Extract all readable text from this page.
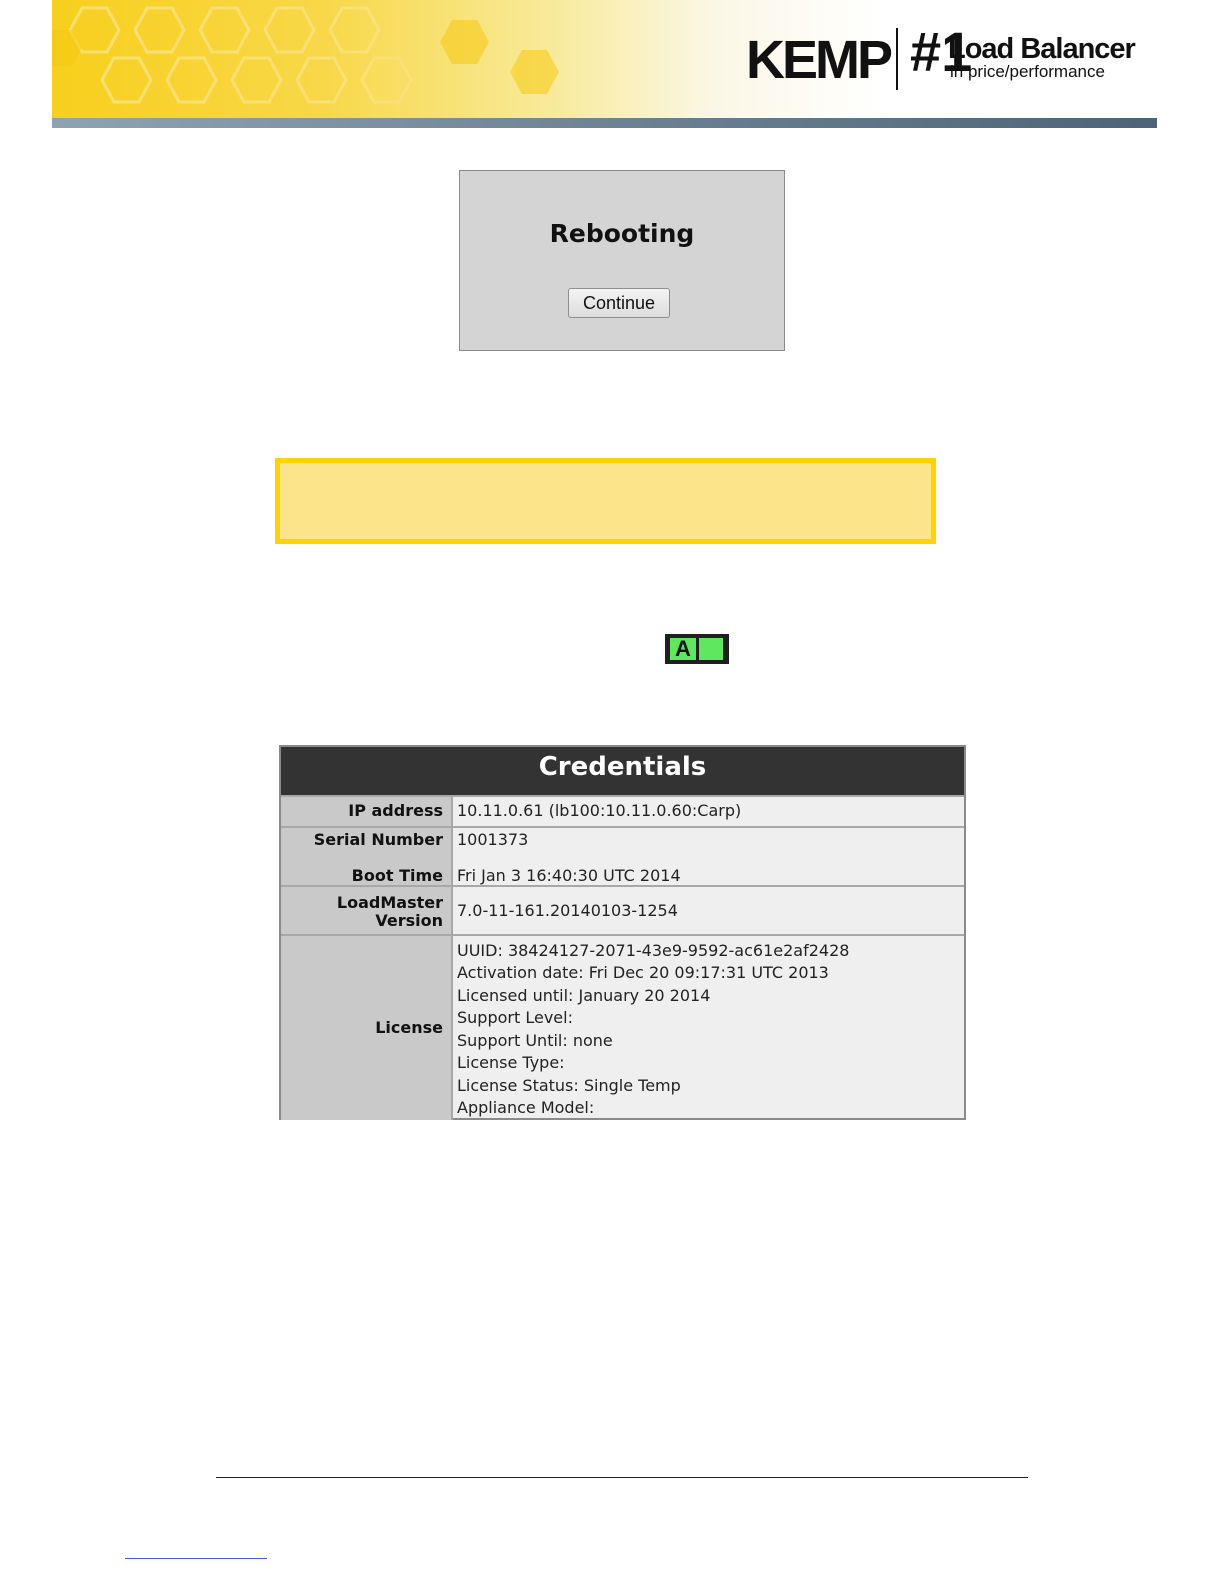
KEMP #1
Load Balancer
in price/performance
Rebooting
Continue
A
Credentials
IP address 10.11.0.61 (lb100:10.11.0.60:Carp)
Serial Number
Boot Time
1001373
Fri Jan 3 16:40:30 UTC 2014
LoadMaster
Version
7.0-11-161.20140103-1254
License
UUID: 38424127-2071-43e9-9592-ac61e2af2428
Activation date: Fri Dec 20 09:17:31 UTC 2013
Licensed until: January 20 2014
Support Level:
Support Until: none
License Type:
License Status: Single Temp
Appliance Model:
